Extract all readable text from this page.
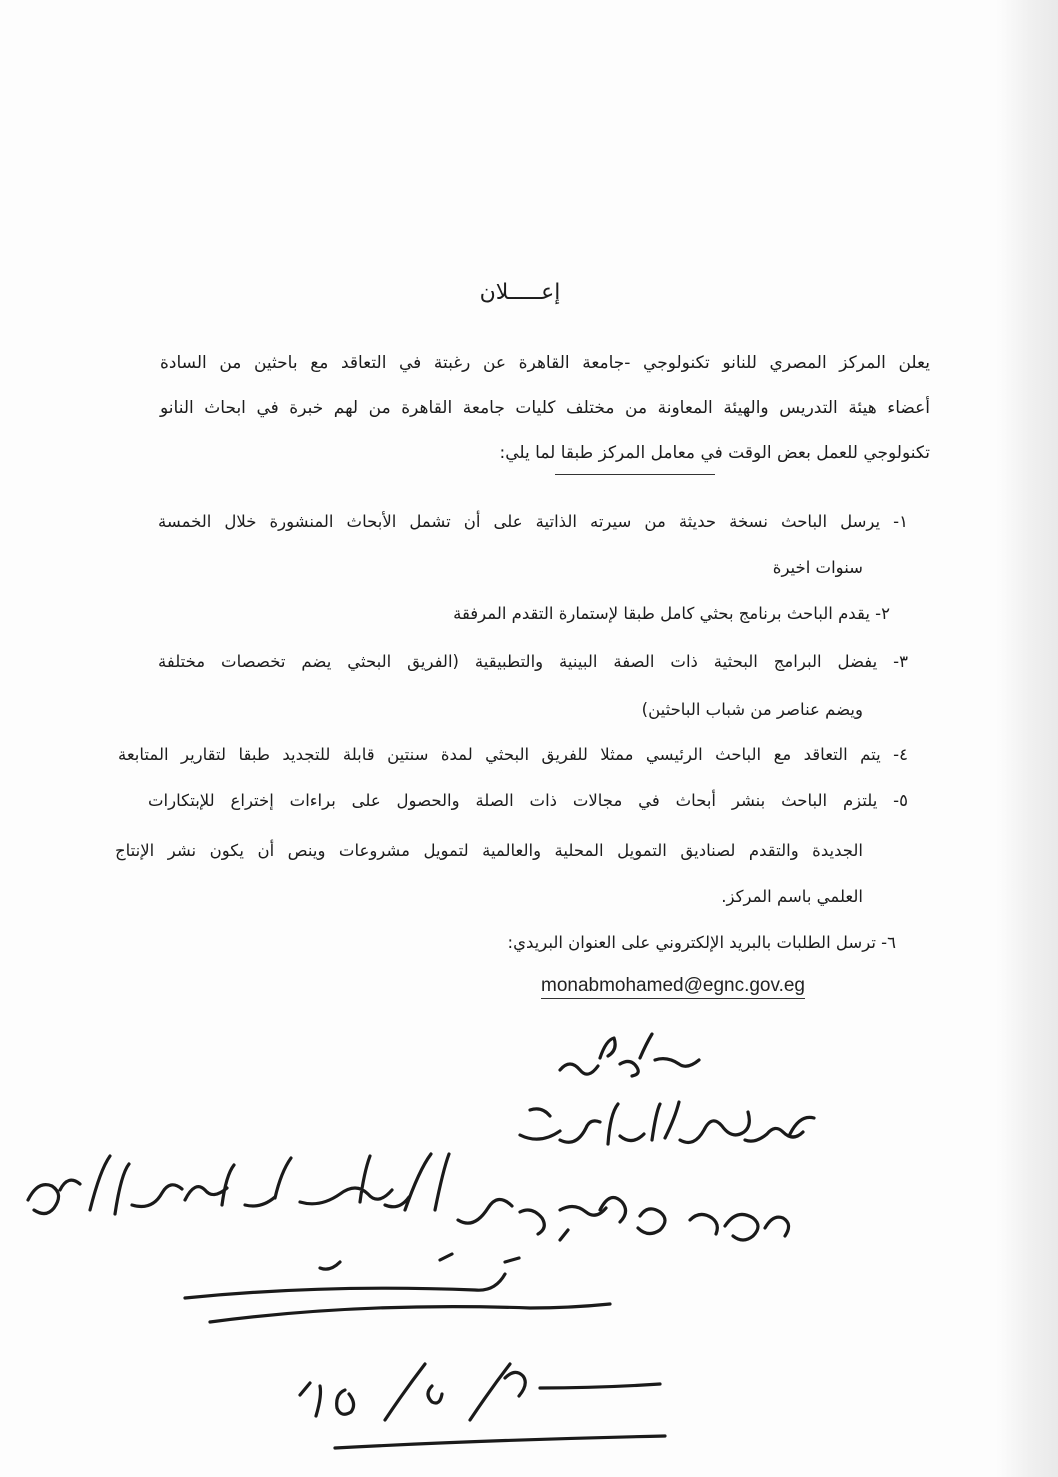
إعـــــلان
يعلن المركز المصري للنانو تكنولوجي -جامعة القاهرة عن رغبتة في التعاقد مع باحثين من السادة
أعضاء هيئة التدريس والهيئة المعاونة من مختلف كليات جامعة القاهرة من لهم خبرة في ابحاث النانو
تكنولوجي للعمل بعض الوقت في معامل المركز طبقا لما يلي:
١- يرسل الباحث نسخة حديثة من سيرته الذاتية على أن تشمل الأبحاث المنشورة خلال الخمسة
سنوات اخيرة
٢- يقدم الباحث برنامج بحثي كامل طبقا لإستمارة التقدم المرفقة
٣- يفضل البرامج البحثية ذات الصفة البينية والتطبيقية (الفريق البحثي يضم تخصصات مختلفة
ويضم عناصر من شباب الباحثين)
٤- يتم التعاقد مع الباحث الرئيسي ممثلا للفريق البحثي لمدة سنتين قابلة للتجديد طبقا لتقارير المتابعة
٥- يلتزم الباحث بنشر أبحاث في مجالات ذات الصلة والحصول على براءات إختراع للإبتكارات
الجديدة والتقدم لصناديق التمويل المحلية والعالمية لتمويل مشروعات وينص أن يكون نشر الإنتاج
العلمي باسم المركز.
٦- ترسل الطلبات بالبريد الإلكتروني على العنوان البريدي:
monabmohamed@egnc.gov.eg
